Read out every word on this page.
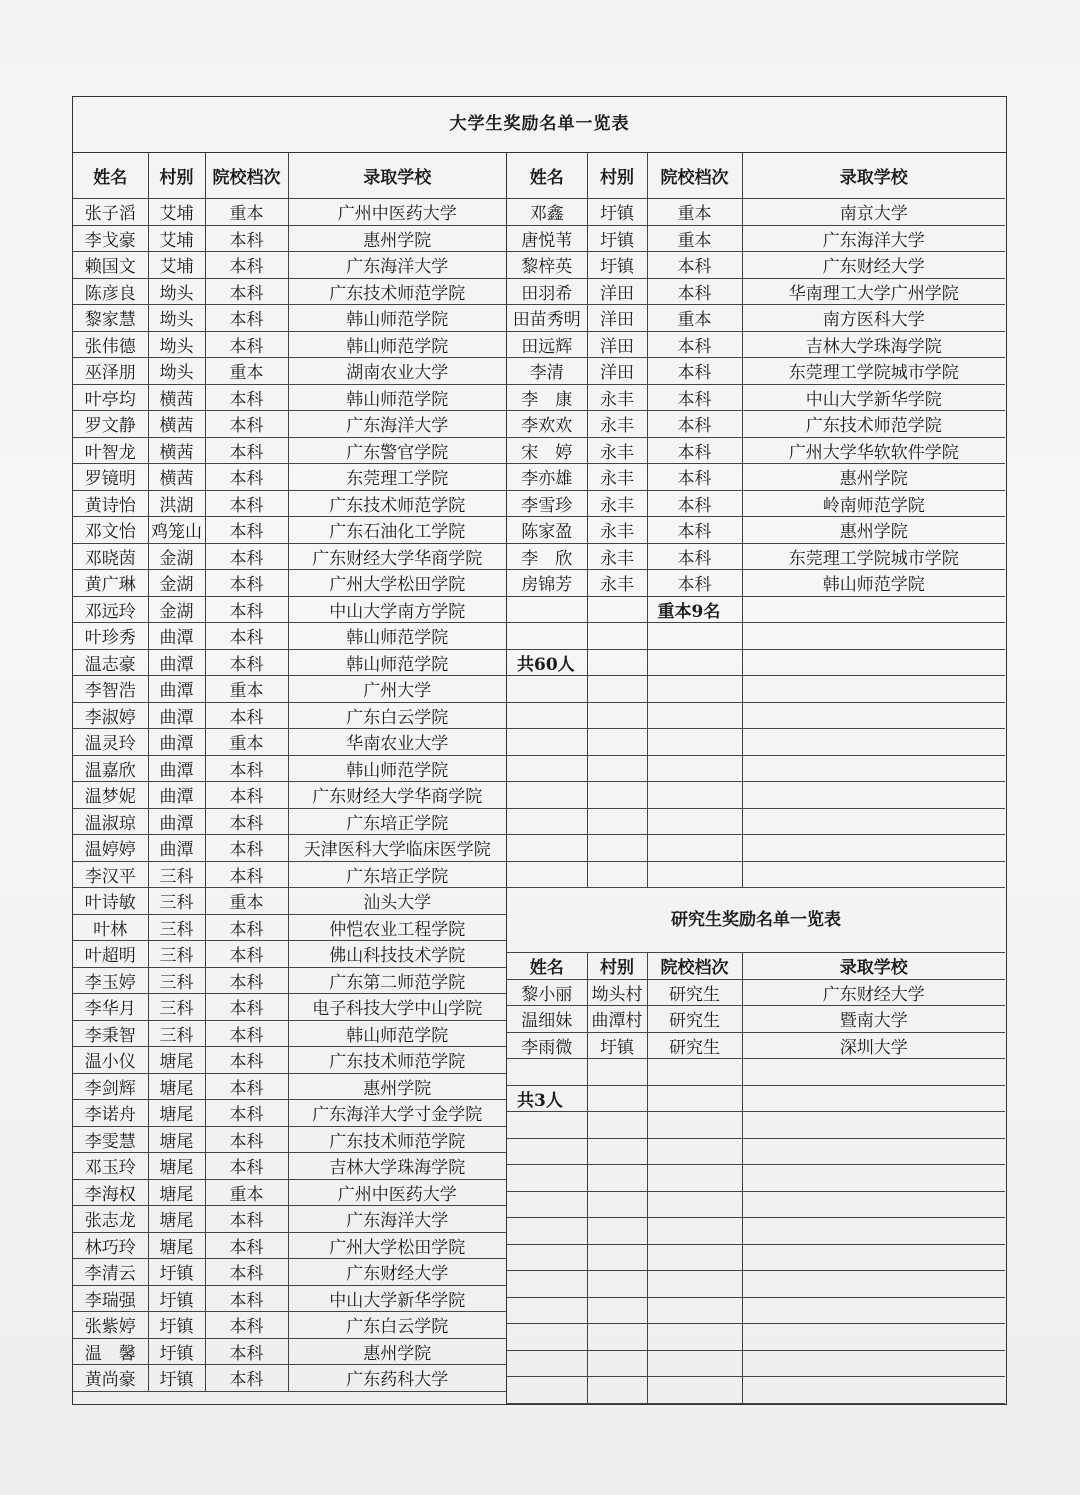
大学生奖励名单一览表
姓名	村别	院校档次	录取学校
张子滔	艾埔	重本	广州中医药大学
李戈豪	艾埔	本科	惠州学院
赖国文	艾埔	本科	广东海洋大学
陈彦良	坳头	本科	广东技术师范学院
黎家慧	坳头	本科	韩山师范学院
张伟德	坳头	本科	韩山师范学院
巫泽朋	坳头	重本	湖南农业大学
叶亭均	横茜	本科	韩山师范学院
罗文静	横茜	本科	广东海洋大学
叶智龙	横茜	本科	广东警官学院
罗镜明	横茜	本科	东莞理工学院
黄诗怡	洪湖	本科	广东技术师范学院
邓文怡	鸡笼山	本科	广东石油化工学院
邓晓茵	金湖	本科	广东财经大学华商学院
黄广琳	金湖	本科	广州大学松田学院
邓远玲	金湖	本科	中山大学南方学院
叶珍秀	曲潭	本科	韩山师范学院
温志豪	曲潭	本科	韩山师范学院
李智浩	曲潭	重本	广州大学
李淑婷	曲潭	本科	广东白云学院
温灵玲	曲潭	重本	华南农业大学
温嘉欣	曲潭	本科	韩山师范学院
温梦妮	曲潭	本科	广东财经大学华商学院
温淑琼	曲潭	本科	广东培正学院
温婷婷	曲潭	本科	天津医科大学临床医学院
李汉平	三科	本科	广东培正学院
叶诗敏	三科	重本	汕头大学
叶林	三科	本科	仲恺农业工程学院
叶超明	三科	本科	佛山科技技术学院
李玉婷	三科	本科	广东第二师范学院
李华月	三科	本科	电子科技大学中山学院
李秉智	三科	本科	韩山师范学院
温小仪	塘尾	本科	广东技术师范学院
李剑辉	塘尾	本科	惠州学院
李诺舟	塘尾	本科	广东海洋大学寸金学院
李雯慧	塘尾	本科	广东技术师范学院
邓玉玲	塘尾	本科	吉林大学珠海学院
李海权	塘尾	重本	广州中医药大学
张志龙	塘尾	本科	广东海洋大学
林巧玲	塘尾	本科	广州大学松田学院
李清云	圩镇	本科	广东财经大学
李瑞强	圩镇	本科	中山大学新华学院
张紫婷	圩镇	本科	广东白云学院
温　馨	圩镇	本科	惠州学院
黄尚豪	圩镇	本科	广东药科大学
姓名	村别	院校档次	录取学校
邓鑫	圩镇	重本	南京大学
唐悦苇	圩镇	重本	广东海洋大学
黎梓英	圩镇	本科	广东财经大学
田羽希	洋田	本科	华南理工大学广州学院
田苗秀明	洋田	重本	南方医科大学
田远辉	洋田	本科	吉林大学珠海学院
李清	洋田	本科	东莞理工学院城市学院
李　康	永丰	本科	中山大学新华学院
李欢欢	永丰	本科	广东技术师范学院
宋　婷	永丰	本科	广州大学华软软件学院
李亦雄	永丰	本科	惠州学院
李雪珍	永丰	本科	岭南师范学院
陈家盈	永丰	本科	惠州学院
李　欣	永丰	本科	东莞理工学院城市学院
房锦芳	永丰	本科	韩山师范学院
		重本9名	

共60人			

研究生奖励名单一览表			
姓名	村别	院校档次	录取学校
黎小丽	坳头村	研究生	广东财经大学
温细妹	曲潭村	研究生	暨南大学
李雨微	圩镇	研究生	深圳大学

共3人			
